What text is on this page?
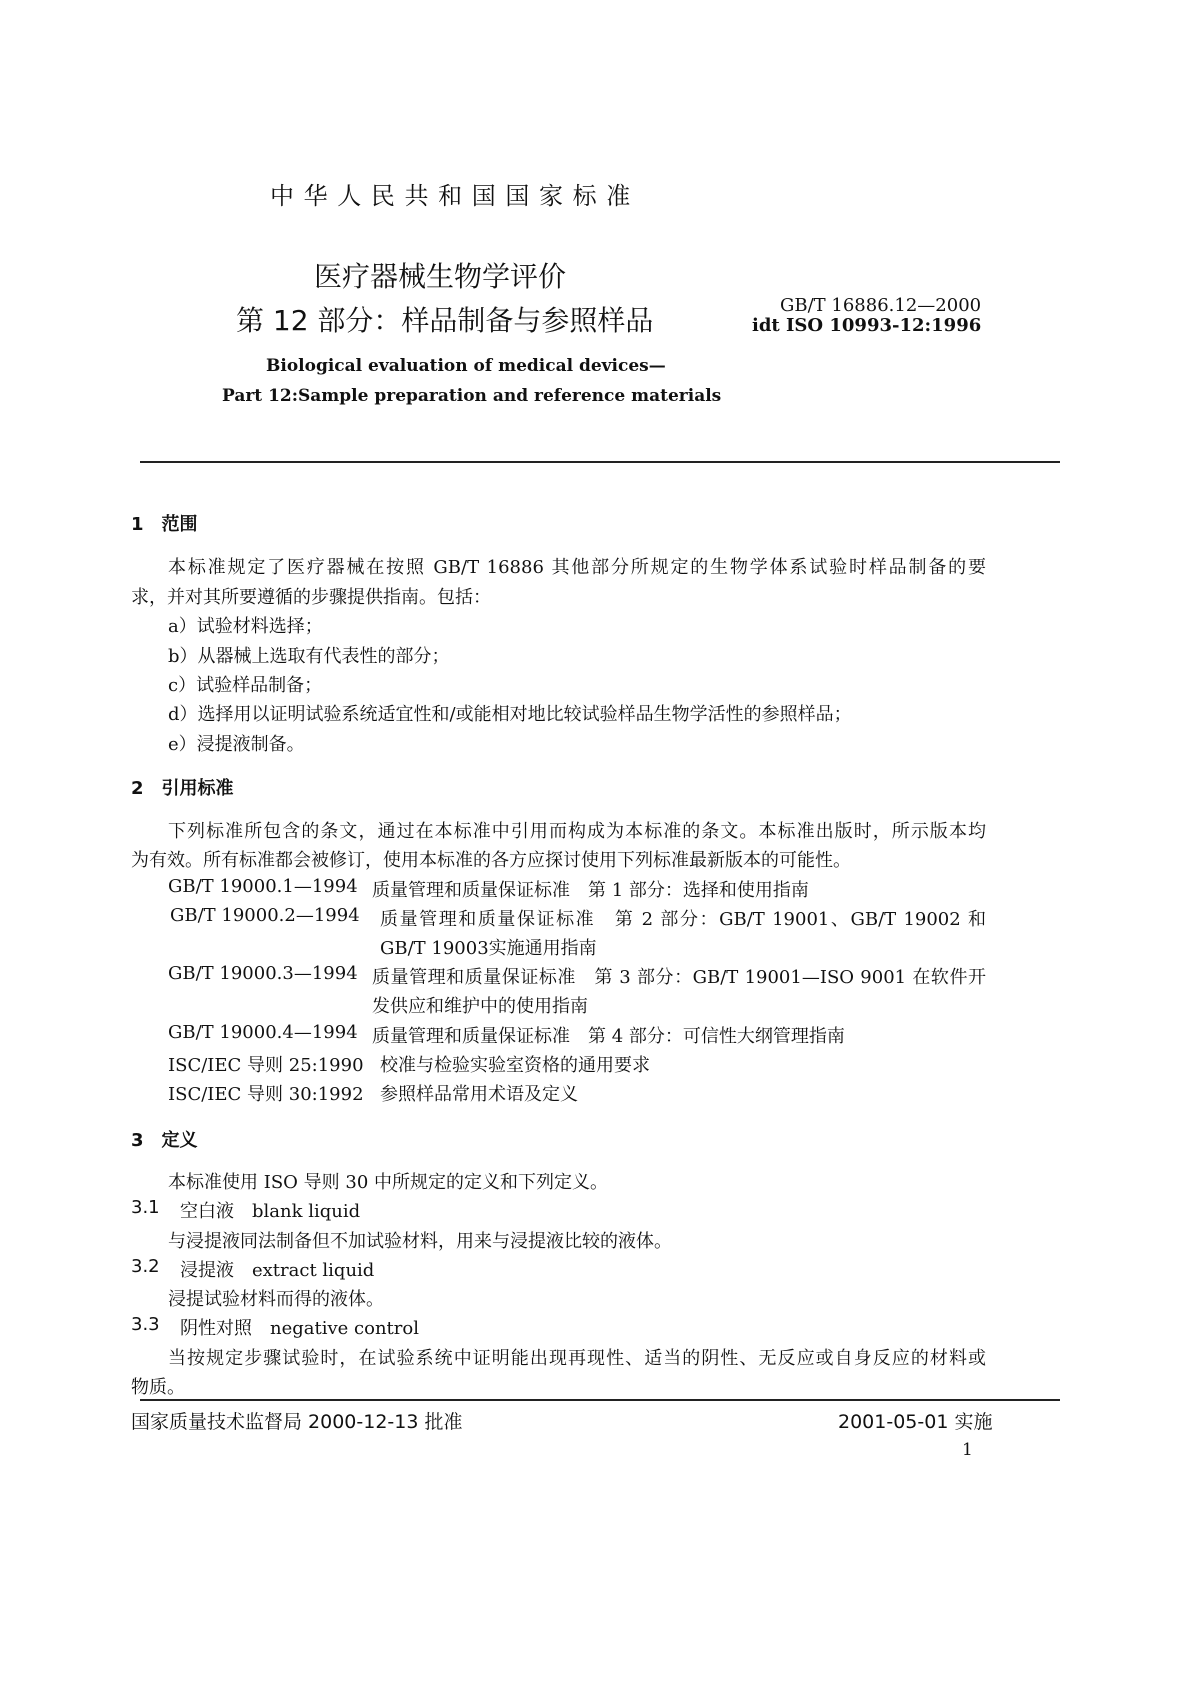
中 华 人 民 共 和 国 国 家 标 准
医疗器械生物学评价
第 12 部分：样品制备与参照样品	GB/T 16886.12—2000
idt ISO 10993-12:1996
Biological evaluation of medical devices—
Part 12:Sample preparation and reference materials
1　范围
本标准规定了医疗器械在按照 GB/T 16886 其他部分所规定的生物学体系试验时样品制备的要
求，并对其所要遵循的步骤提供指南。包括：
a）试验材料选择；
b）从器械上选取有代表性的部分；
c）试验样品制备；
d）选择用以证明试验系统适宜性和/或能相对地比较试验样品生物学活性的参照样品；
e）浸提液制备。
2　引用标准
下列标准所包含的条文，通过在本标准中引用而构成为本标准的条文。本标准出版时，所示版本均
为有效。所有标准都会被修订，使用本标准的各方应探讨使用下列标准最新版本的可能性。
GB/T 19000.1—1994 质量管理和质量保证标准　第 1 部分：选择和使用指南
GB/T 19000.2—1994 质量管理和质量保证标准　第 2 部分：GB/T 19001、GB/T 19002 和
GB/T 19003实施通用指南
GB/T 19000.3—1994 质量管理和质量保证标准　第 3 部分：GB/T 19001—ISO 9001 在软件开
发供应和维护中的使用指南
GB/T 19000.4—1994 质量管理和质量保证标准　第 4 部分：可信性大纲管理指南
ISC/IEC 导则 25:1990 校准与检验实验室资格的通用要求
ISC/IEC 导则 30:1992 参照样品常用术语及定义
3　定义
本标准使用 ISO 导则 30 中所规定的定义和下列定义。
3.1 空白液　blank liquid
与浸提液同法制备但不加试验材料，用来与浸提液比较的液体。
3.2 浸提液　extract liquid
浸提试验材料而得的液体。
3.3 阴性对照　negative control
当按规定步骤试验时，在试验系统中证明能出现再现性、适当的阴性、无反应或自身反应的材料或
物质。
国家质量技术监督局 2000-12-13 批准	2001-05-01 实施
1
